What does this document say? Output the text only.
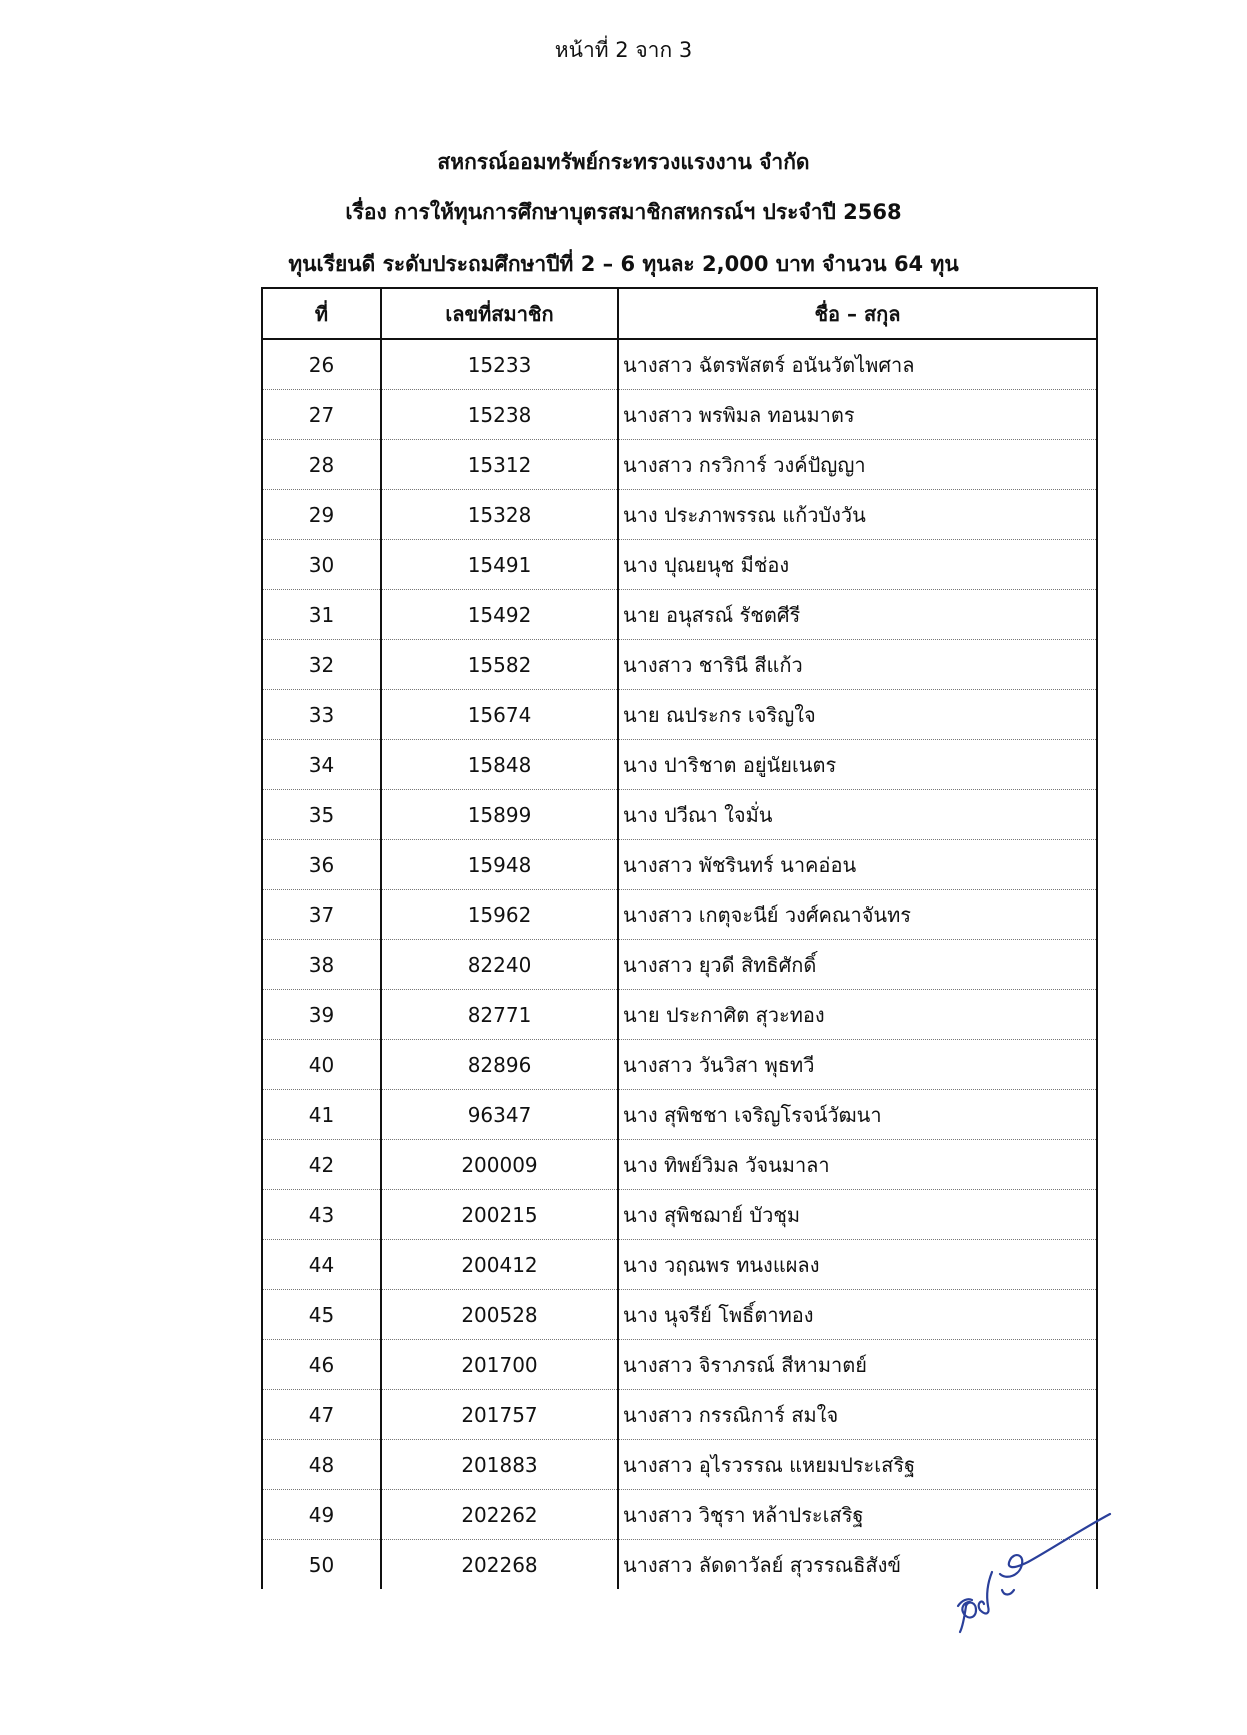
หน้าที่ 2 จาก 3
สหกรณ์ออมทรัพย์กระทรวงแรงงาน จำกัด
เรื่อง การให้ทุนการศึกษาบุตรสมาชิกสหกรณ์ฯ ประจำปี 2568
ทุนเรียนดี ระดับประถมศึกษาปีที่ 2 – 6 ทุนละ 2,000 บาท จำนวน 64 ทุน
ที่	เลขที่สมาชิก	ชื่อ – สกุล
26	15233	นางสาว ฉัตรพัสตร์ อนันวัตไพศาล
27	15238	นางสาว พรพิมล ทอนมาตร
28	15312	นางสาว กรวิการ์ วงค์ปัญญา
29	15328	นาง ประภาพรรณ แก้วบังวัน
30	15491	นาง ปุณยนุช มีช่อง
31	15492	นาย อนุสรณ์ รัชตศีรี
32	15582	นางสาว ชารินี สีแก้ว
33	15674	นาย ณประกร เจริญใจ
34	15848	นาง ปาริชาต อยู่นัยเนตร
35	15899	นาง ปวีณา ใจมั่น
36	15948	นางสาว พัชรินทร์ นาคอ่อน
37	15962	นางสาว เกตุจะนีย์ วงศ์คณาจันทร
38	82240	นางสาว ยุวดี สิทธิศักดิ์
39	82771	นาย ประกาศิต สุวะทอง
40	82896	นางสาว วันวิสา พุธทวี
41	96347	นาง สุพิชชา เจริญโรจน์วัฒนา
42	200009	นาง ทิพย์วิมล วัจนมาลา
43	200215	นาง สุพิชฌาย์ บัวชุม
44	200412	นาง วฤณพร ทนงแผลง
45	200528	นาง นุจรีย์ โพธิ์ตาทอง
46	201700	นางสาว จิราภรณ์ สีหามาตย์
47	201757	นางสาว กรรณิการ์ สมใจ
48	201883	นางสาว อุไรวรรณ แหยมประเสริฐ
49	202262	นางสาว วิชุรา หล้าประเสริฐ
50	202268	นางสาว ลัดดาวัลย์ สุวรรณธิสังข์
